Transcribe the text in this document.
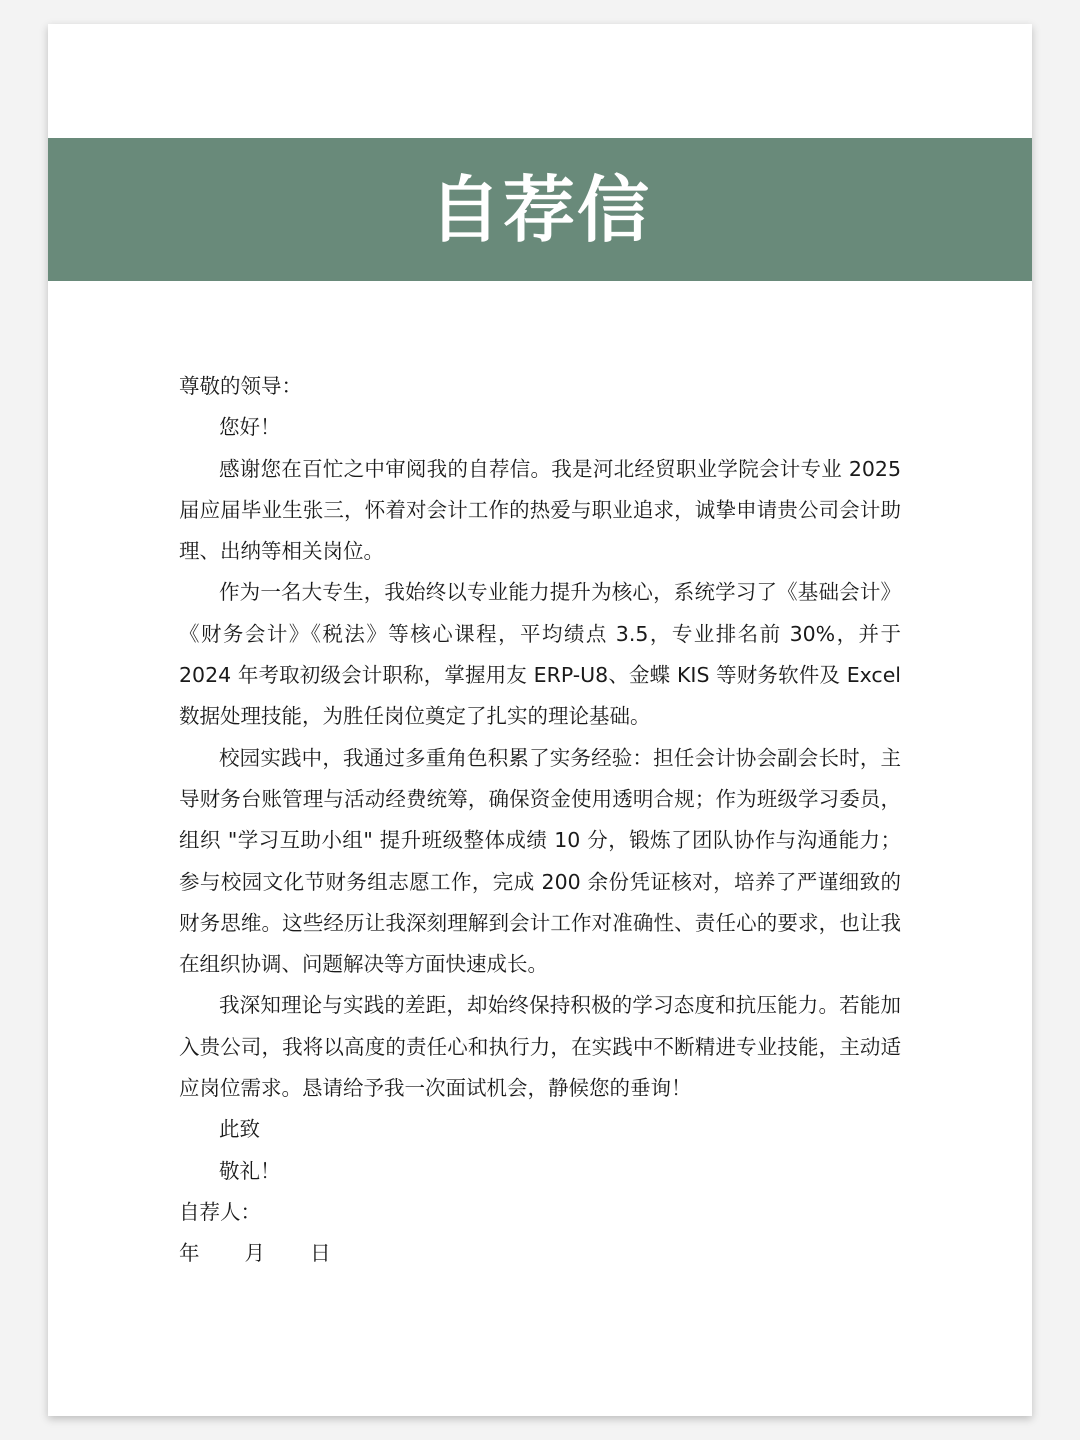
自荐信

尊敬的领导：

您好！

感谢您在百忙之中审阅我的自荐信。我是河北经贸职业学院会计专业 2025 届应届毕业生张三，怀着对会计工作的热爱与职业追求，诚挚申请贵公司会计助理、出纳等相关岗位。

作为一名大专生，我始终以专业能力提升为核心，系统学习了《基础会计》《财务会计》《税法》等核心课程，平均绩点 3.5，专业排名前 30%，并于 2024 年考取初级会计职称，掌握用友 ERP-U8、金蝶 KIS 等财务软件及 Excel 数据处理技能，为胜任岗位奠定了扎实的理论基础。

校园实践中，我通过多重角色积累了实务经验：担任会计协会副会长时，主导财务台账管理与活动经费统筹，确保资金使用透明合规；作为班级学习委员，组织 "学习互助小组" 提升班级整体成绩 10 分，锻炼了团队协作与沟通能力；参与校园文化节财务组志愿工作，完成 200 余份凭证核对，培养了严谨细致的财务思维。这些经历让我深刻理解到会计工作对准确性、责任心的要求，也让我在组织协调、问题解决等方面快速成长。

我深知理论与实践的差距，却始终保持积极的学习态度和抗压能力。若能加入贵公司，我将以高度的责任心和执行力，在实践中不断精进专业技能，主动适应岗位需求。恳请给予我一次面试机会，静候您的垂询！

此致

敬礼！

自荐人：

年  月  日
